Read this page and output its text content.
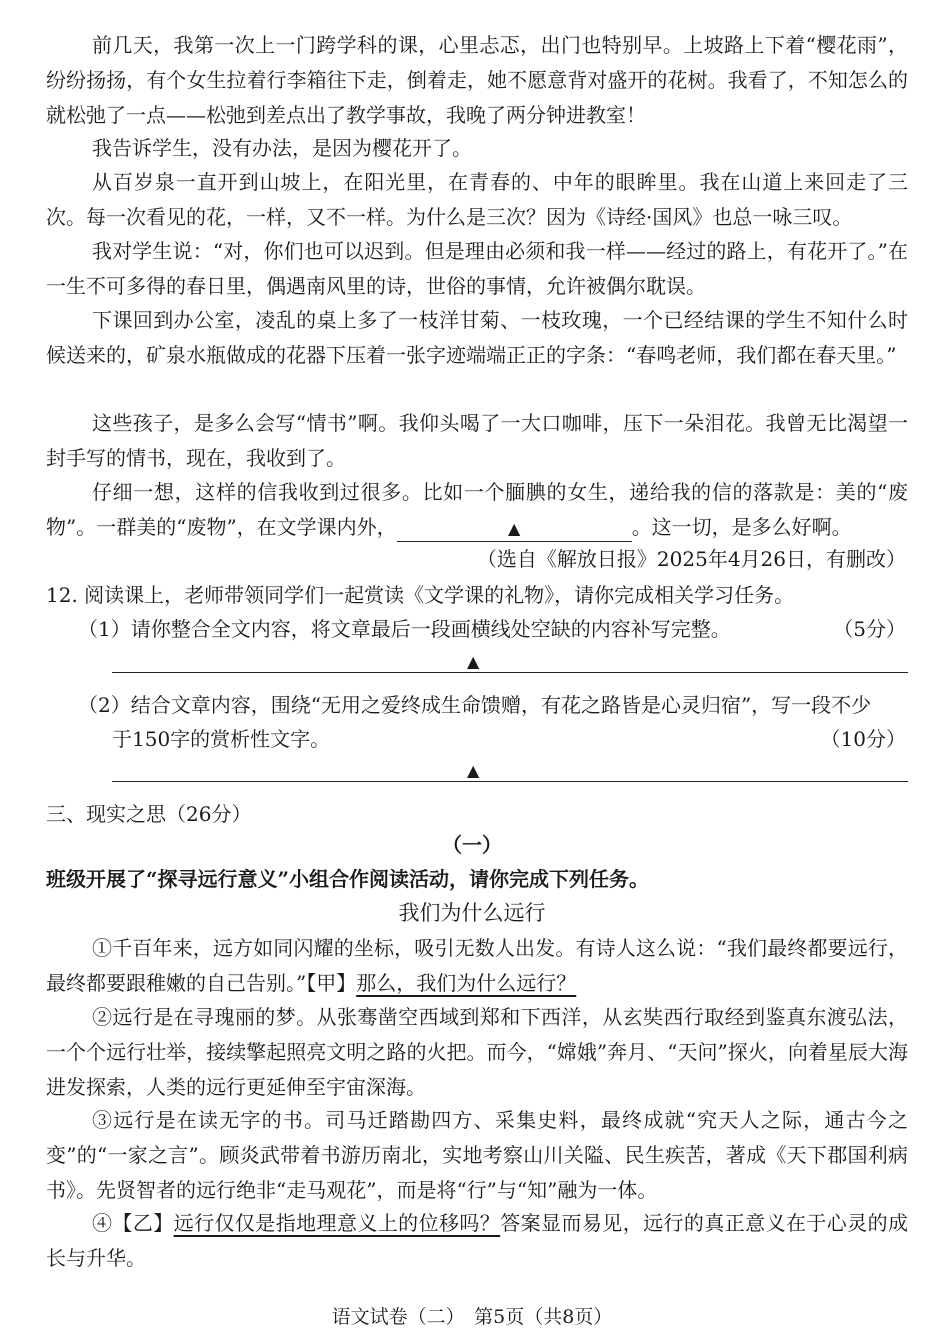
前几天，我第一次上一门跨学科的课，心里忐忑，出门也特别早。上坡路上下着“樱花雨”，纷纷扬扬，有个女生拉着行李箱往下走，倒着走，她不愿意背对盛开的花树。我看了，不知怎么的就松弛了一点——松弛到差点出了教学事故，我晚了两分钟进教室！

我告诉学生，没有办法，是因为樱花开了。

从百岁泉一直开到山坡上，在阳光里，在青春的、中年的眼眸里。我在山道上来回走了三次。每一次看见的花，一样，又不一样。为什么是三次？因为《诗经·国风》也总一咏三叹。

我对学生说：“对，你们也可以迟到。但是理由必须和我一样——经过的路上，有花开了。”在一生不可多得的春日里，偶遇南风里的诗，世俗的事情，允许被偶尔耽误。

下课回到办公室，凌乱的桌上多了一枝洋甘菊、一枝玫瑰，一个已经结课的学生不知什么时候送来的，矿泉水瓶做成的花器下压着一张字迹端端正正的字条：“春鸣老师，我们都在春天里。”

这些孩子，是多么会写“情书”啊。我仰头喝了一大口咖啡，压下一朵泪花。我曾无比渴望一封手写的情书，现在，我收到了。

仔细一想，这样的信我收到过很多。比如一个腼腆的女生，递给我的信的落款是：美的“废物”。一群美的“废物”，在文学课内外，	▲	。这一切，是多么好啊。

（选自《解放日报》2025年4月26日，有删改）
12. 阅读课上，老师带领同学们一起赏读《文学课的礼物》，请你完成相关学习任务。
（1）请你整合全文内容，将文章最后一段画横线处空缺的内容补写完整。	（5分）
▲
（2）结合文章内容，围绕“无用之爱终成生命馈赠，有花之路皆是心灵归宿”，写一段不少
于150字的赏析性文字。	（10分）
▲
三、现实之思（26分）
（一）
班级开展了“探寻远行意义”小组合作阅读活动，请你完成下列任务。
我们为什么远行

①千百年来，远方如同闪耀的坐标，吸引无数人出发。有诗人这么说：“我们最终都要远行，最终都要跟稚嫩的自己告别。”【甲】那么，我们为什么远行？

②远行是在寻瑰丽的梦。从张骞凿空西域到郑和下西洋，从玄奘西行取经到鉴真东渡弘法，一个个远行壮举，接续擎起照亮文明之路的火把。而今，“嫦娥”奔月、“天问”探火，向着星辰大海进发探索，人类的远行更延伸至宇宙深海。

③远行是在读无字的书。司马迁踏勘四方、采集史料，最终成就“究天人之际，通古今之变”的“一家之言”。顾炎武带着书游历南北，实地考察山川关隘、民生疾苦，著成《天下郡国利病书》。先贤智者的远行绝非“走马观花”，而是将“行”与“知”融为一体。

④【乙】远行仅仅是指地理意义上的位移吗？答案显而易见，远行的真正意义在于心灵的成长与升华。

语文试卷（二）　第5页（共8页）
